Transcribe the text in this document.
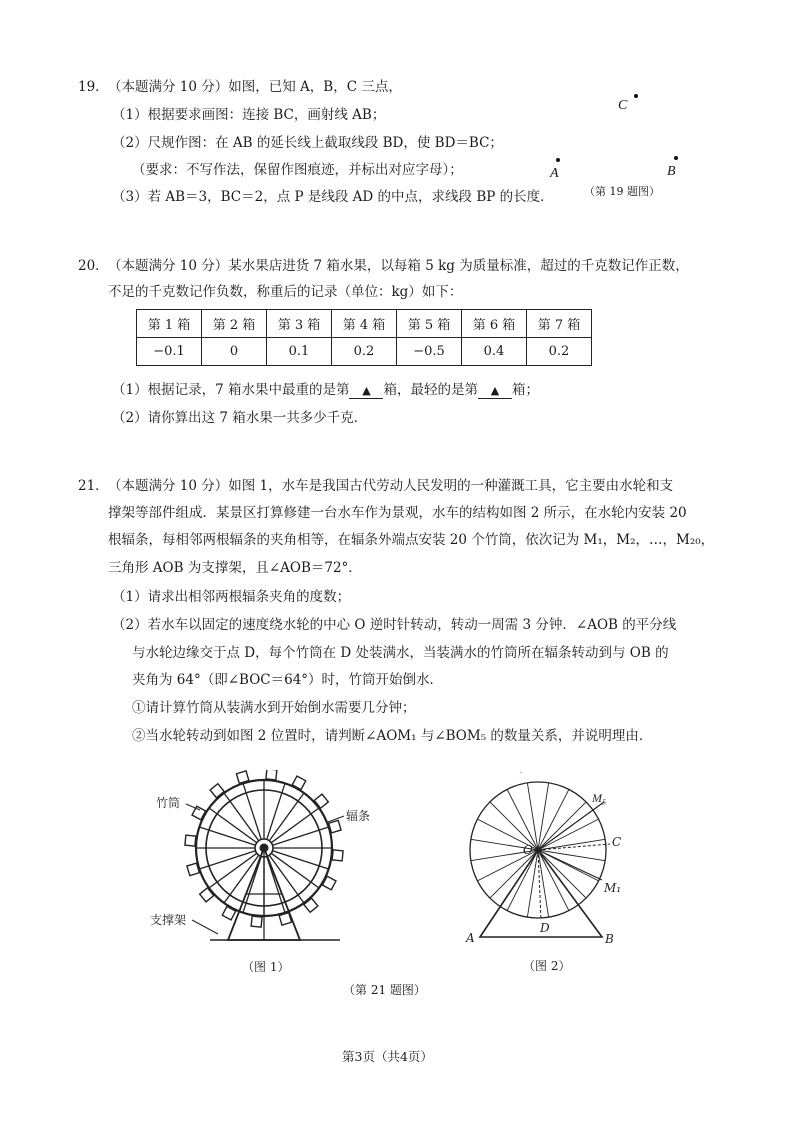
19． （本题满分 10 分）如图，已知 A，B，C 三点，
（1）根据要求画图：连接 BC，画射线 AB；
（2）尺规作图：在 AB 的延长线上截取线段 BD，使 BD＝BC；
（要求：不写作法，保留作图痕迹，并标出对应字母）；
（3）若 AB＝3，BC＝2，点 P 是线段 AD 的中点，求线段 BP 的长度．
C
A	B
（第 19 题图）
20． （本题满分 10 分）某水果店进货 7 箱水果，以每箱 5 kg 为质量标准，超过的千克数记作正数，
不足的千克数记作负数，称重后的记录（单位：kg）如下：
第 1 箱	第 2 箱	第 3 箱	第 4 箱	第 5 箱	第 6 箱	第 7 箱
−0.1	0	0.1	0.2	−0.5	0.4	0.2
（1）根据记录，7 箱水果中最重的是第 ▲ 箱，最轻的是第 ▲ 箱；
（2）请你算出这 7 箱水果一共多少千克．
21． （本题满分 10 分）如图 1，水车是我国古代劳动人民发明的一种灌溉工具，它主要由水轮和支
撑架等部件组成．某景区打算修建一台水车作为景观，水车的结构如图 2 所示，在水轮内安装 20
根辐条，每相邻两根辐条的夹角相等，在辐条外端点安装 20 个竹筒，依次记为 M₁，M₂，…，M₂₀，
三角形 AOB 为支撑架，且∠AOB＝72°．
（1）请求出相邻两根辐条夹角的度数；
（2）若水车以固定的速度绕水轮的中心 O 逆时针转动，转动一周需 3 分钟．∠AOB 的平分线
与水轮边缘交于点 D，每个竹筒在 D 处装满水，当装满水的竹筒所在辐条转动到与 OB 的
夹角为 64°（即∠BOC＝64°）时，竹筒开始倒水．
①请计算竹筒从装满水到开始倒水需要几分钟；
②当水轮转动到如图 2 位置时，请判断∠AOM₁ 与∠BOM₅ 的数量关系，并说明理由．
竹筒
辐条
支撑架
（图 1）
M₅
C
O
M₁
A
D
B
（图 2）
（第 21 题图）
第3页（共4页）
